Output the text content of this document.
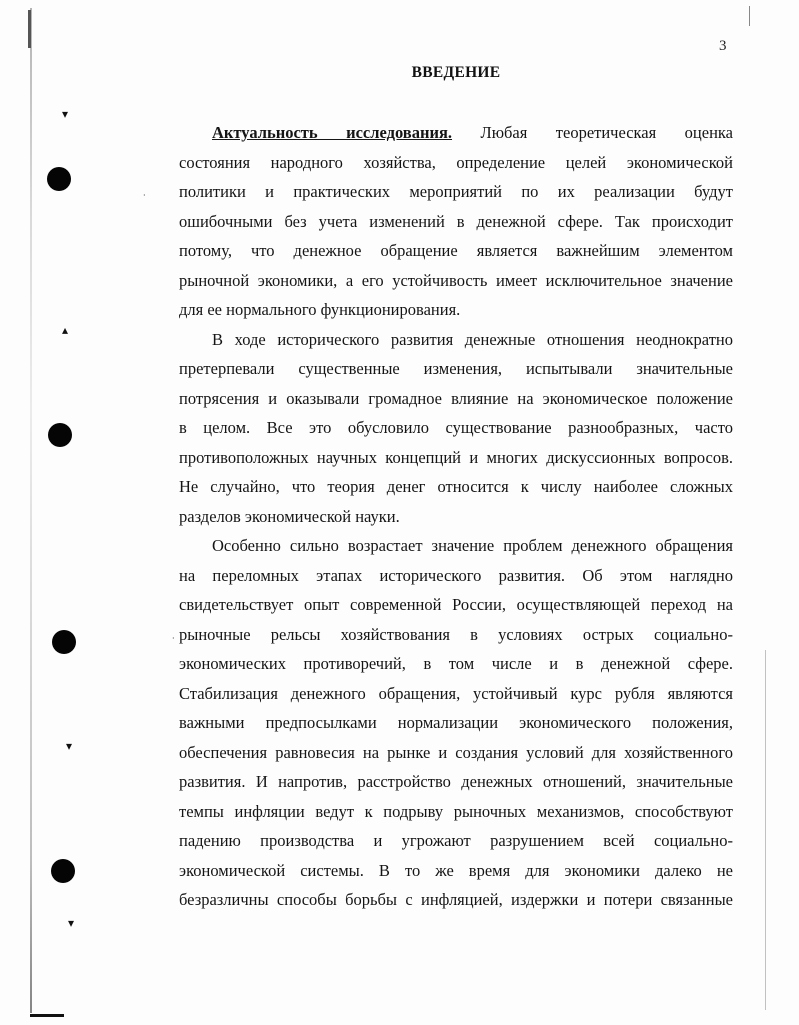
▾
▴
▾
▾
·
·
3
ВВЕДЕНИЕ
Актуальность исследования. Любая теоретическая оценка
состояния народного хозяйства, определение целей экономической
политики и практических мероприятий по их реализации будут
ошибочными без учета изменений в денежной сфере. Так происходит
потому, что денежное обращение является важнейшим элементом
рыночной экономики, а его устойчивость имеет исключительное значение
для ее нормального функционирования.
В ходе исторического развития денежные отношения неоднократно
претерпевали существенные изменения, испытывали значительные
потрясения и оказывали громадное влияние на экономическое положение
в целом. Все это обусловило существование разнообразных, часто
противоположных научных концепций и многих дискуссионных вопросов.
Не случайно, что теория денег относится к числу наиболее сложных
разделов экономической науки.
Особенно сильно возрастает значение проблем денежного обращения
на переломных этапах исторического развития. Об этом наглядно
свидетельствует опыт современной России, осуществляющей переход на
рыночные рельсы хозяйствования в условиях острых социально-
экономических противоречий, в том числе и в денежной сфере.
Стабилизация денежного обращения, устойчивый курс рубля являются
важными предпосылками нормализации экономического положения,
обеспечения равновесия на рынке и создания условий для хозяйственного
развития. И напротив, расстройство денежных отношений, значительные
темпы инфляции ведут к подрыву рыночных механизмов, способствуют
падению производства и угрожают разрушением всей социально-
экономической системы. В то же время для экономики далеко не
безразличны способы борьбы с инфляцией, издержки и потери связанные
